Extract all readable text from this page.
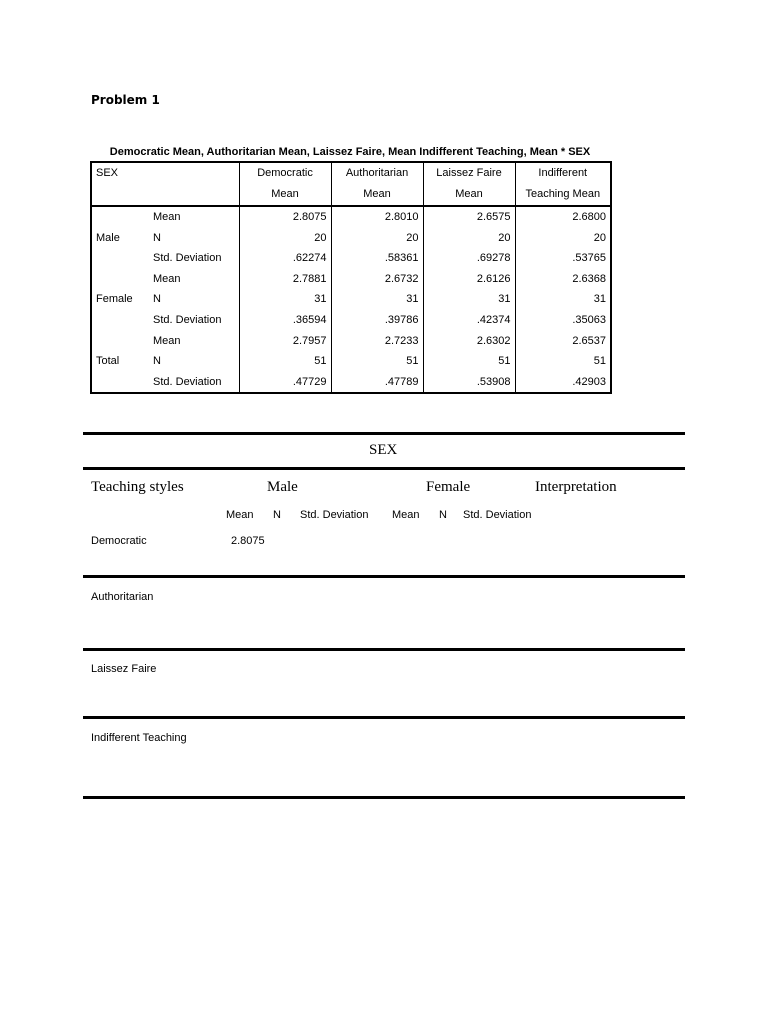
Problem 1
Democratic Mean, Authoritarian Mean, Laissez Faire, Mean Indifferent Teaching, Mean * SEX
SEX		Democratic	Authoritarian	Laissez Faire	Indifferent
		Mean	Mean	Mean	Teaching Mean
Male	Mean	2.8075	2.8010	2.6575	2.6800
	N	20	20	20	20
	Std. Deviation	.62274	.58361	.69278	.53765
Female	Mean	2.7881	2.6732	2.6126	2.6368
	N	31	31	31	31
	Std. Deviation	.36594	.39786	.42374	.35063
Total	Mean	2.7957	2.7233	2.6302	2.6537
	N	51	51	51	51
	Std. Deviation	.47729	.47789	.53908	.42903
SEX
Teaching styles	Male	Female	Interpretation
Mean N Std. Deviation Mean N Std. Deviation
Democratic	2.8075
Authoritarian
Laissez Faire
Indifferent Teaching
